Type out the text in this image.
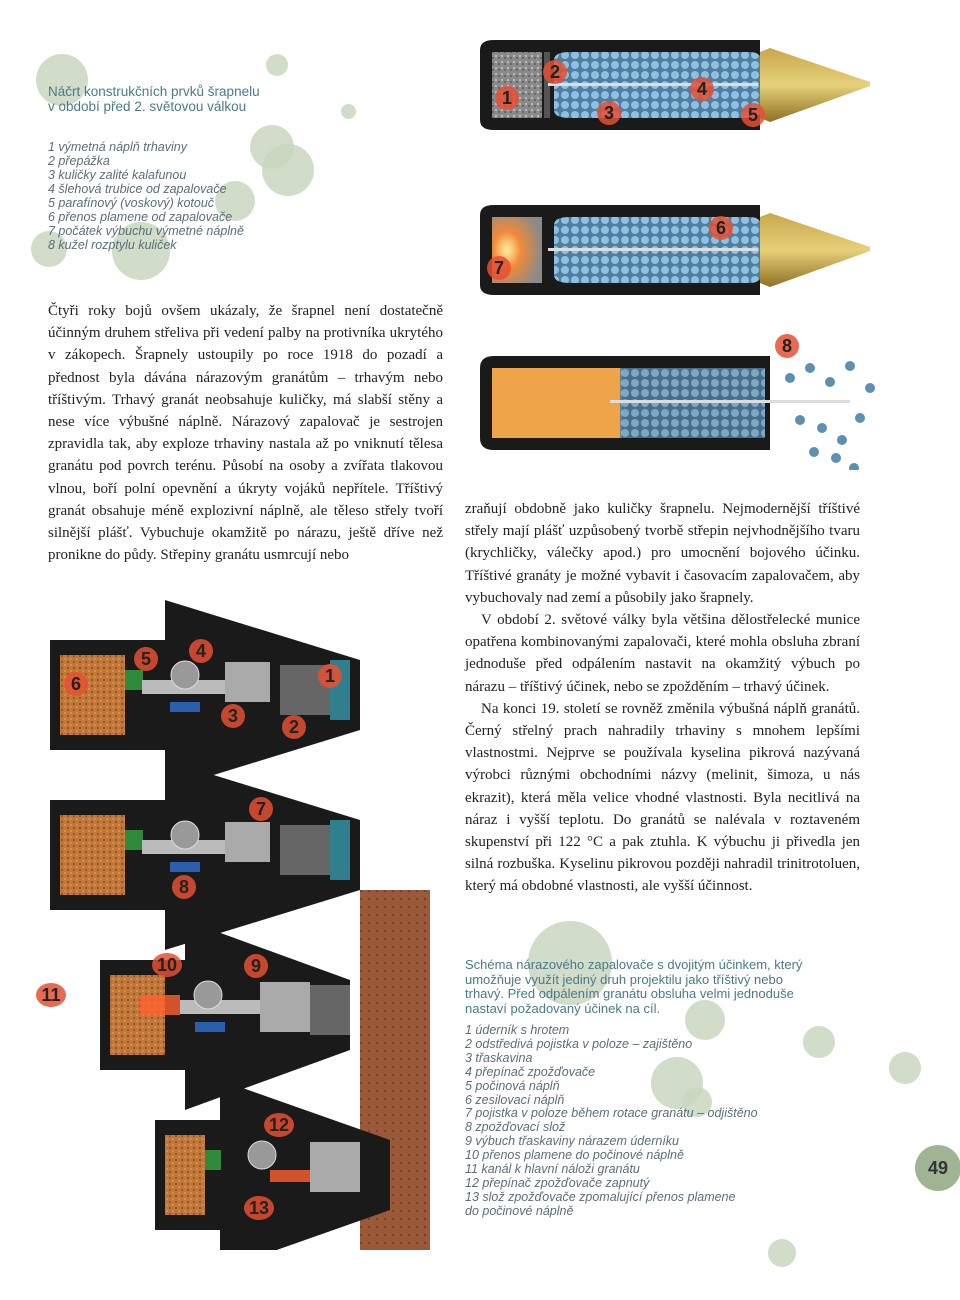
Náčrt konstrukčních prvků šrapnelu
v období před 2. světovou válkou
1 výmetná náplň trhaviny
2 přepážka
3 kuličky zalité kalafunou
4 šlehová trubice od zapalovače
5 parafínový (voskový) kotouč
6 přenos plamene od zapalovače
7 počátek výbuchu výmetné náplně
8 kužel rozptylu kuliček
1
2
3
4
5
6
7
8

Čtyři roky bojů ovšem ukázaly, že šrapnel není dostatečně účinným druhem střeliva při vedení palby na protivníka ukrytého v zákopech. Šrapnely ustoupily po roce 1918 do pozadí a přednost byla dávána nárazovým granátům – trhavým nebo tříštivým. Trhavý granát neobsahuje kuličky, má slabší stěny a nese více výbušné náplně. Nárazový zapalovač je sestrojen zpravidla tak, aby exploze trhaviny nastala až po vniknutí tělesa granátu pod povrch terénu. Působí na osoby a zvířata tlakovou vlnou, boří polní opevnění a úkryty vojáků nepřítele. Tříštivý granát obsahuje méně explozivní náplně, ale těleso střely tvoří silnější plášť. Vybuchuje okamžitě po nárazu, ještě dříve než pronikne do půdy. Střepiny granátu usmrcují nebo

zraňují obdobně jako kuličky šrapnelu. Nejmodernější tříštivé střely mají plášť uzpůsobený tvorbě střepin nejvhodnějšího tvaru (krychličky, válečky apod.) pro umocnění bojového účinku. Tříštivé granáty je možné vybavit i časovacím zapalovačem, aby vybuchovaly nad zemí a působily jako šrapnely.

V období 2. světové války byla většina dělostřelecké munice opatřena kombinovanými zapalovači, které mohla obsluha zbraní jednoduše před odpálením nastavit na okamžitý výbuch po nárazu – tříštivý účinek, nebo se zpožděním – trhavý účinek.

Na konci 19. století se rovněž změnila výbušná náplň granátů. Černý střelný prach nahradily trhaviny s mnohem lepšími vlastnostmi. Nejprve se používala kyselina pikrová nazývaná výrobci různými obchodními názvy (melinit, šimoza, u nás ekrazit), která měla velice vhodné vlastnosti. Byla necitlivá na náraz i vyšší teplotu. Do granátů se nalévala v roztaveném skupenství při 122 °C a pak ztuhla. K výbuchu ji přivedla jen silná rozbuška. Kyselinu pikrovou později nahradil trinitrotoluen, který má obdobné vlastnosti, ale vyšší účinnost.

1
2
3
4
5
6
7
8
9
10
11
12
13
Schéma nárazového zapalovače s dvojitým účinkem, který umožňuje využít jediný druh projektilu jako tříštivý nebo trhavý. Před odpálením granátu obsluha velmi jednoduše nastaví požadovaný účinek na cíl.
1 úderník s hrotem
2 odstředivá pojistka v poloze – zajištěno
3 třaskavina
4 přepínač zpožďovače
5 počinová náplň
6 zesilovací náplň
7 pojistka v poloze během rotace granátu – odjištěno
8 zpožďovací slož
9 výbuch třaskaviny nárazem úderníku
10 přenos plamene do počinové náplně
11 kanál k hlavní náloži granátu
12 přepínač zpožďovače zapnutý
13 slož zpožďovače zpomalující přenos plamene
do počinové náplně
49
